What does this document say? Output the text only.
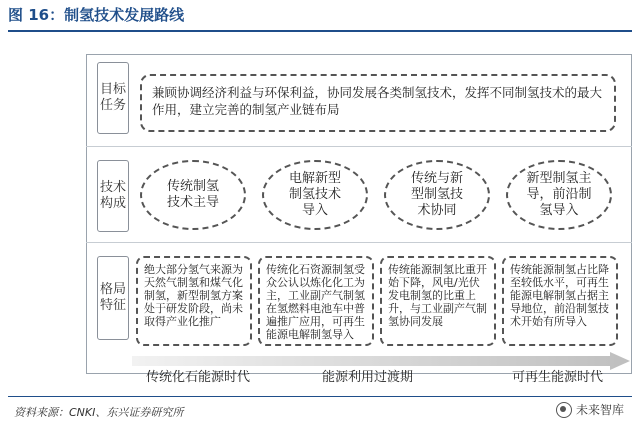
图 16：制氢技术发展路线
目标
任务
技术
构成
格局
特征
兼顾协调经济利益与环保利益，协同发展各类制氢技术，发挥不同制氢技术的最大作用，建立完善的制氢产业链布局
传统制氢
技术主导
电解新型
制氢技术
导入
传统与新
型制氢技
术协同
新型制氢主
导，前沿制
氢导入
绝大部分氢气来源为天然气制氢和煤气化制氢，新型制氢方案处于研发阶段，尚未取得产业化推广
传统化石资源制氢受众公认以炼化化工为主，工业副产气制氢在氢燃料电池车中普遍推广应用，可再生能源电解制氢导入
传统能源制氢比重开始下降，风电/光伏发电制氢的比重上升，与工业副产气制氢协同发展
传统能源制氢占比降至较低水平，可再生能源电解制氢占据主导地位，前沿制氢技术开始有所导入
传统化石能源时代	能源利用过渡期	可再生能源时代
资料来源：CNKI、东兴证券研究所	未来智库
